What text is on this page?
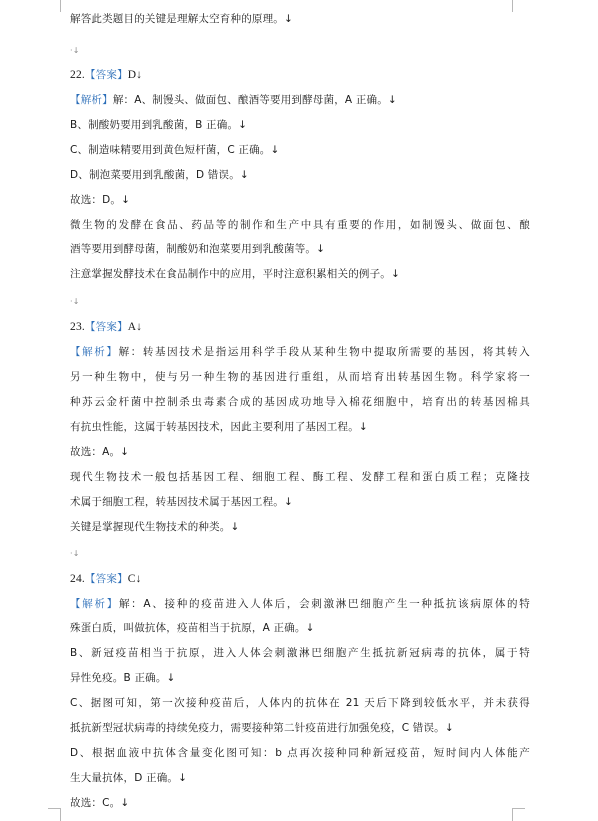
解答此类题目的关键是理解太空育种的原理。↓
·↓
22.【答案】D↓
【解析】解：A、制馒头、做面包、酿酒等要用到酵母菌，A 正确。↓
B、制酸奶要用到乳酸菌，B 正确。↓
C、制造味精要用到黄色短杆菌，C 正确。↓
D、制泡菜要用到乳酸菌，D 错误。↓
故选：D。↓
微生物的发酵在食品、药品等的制作和生产中具有重要的作用，如制馒头、做面包、酿
酒等要用到酵母菌，制酸奶和泡菜要用到乳酸菌等。↓
注意掌握发酵技术在食品制作中的应用，平时注意积累相关的例子。↓
·↓
23.【答案】A↓
【解析】解：转基因技术是指运用科学手段从某种生物中提取所需要的基因，将其转入
另一种生物中，使与另一种生物的基因进行重组，从而培育出转基因生物。科学家将一
种苏云金杆菌中控制杀虫毒素合成的基因成功地导入棉花细胞中，培育出的转基因棉具
有抗虫性能，这属于转基因技术，因此主要利用了基因工程。↓
故选：A。↓
现代生物技术一般包括基因工程、细胞工程、酶工程、发酵工程和蛋白质工程；克隆技
术属于细胞工程，转基因技术属于基因工程。↓
关键是掌握现代生物技术的种类。↓
·↓
24.【答案】C↓
【解析】解：A、接种的疫苗进入人体后，会刺激淋巴细胞产生一种抵抗该病原体的特
殊蛋白质，叫做抗体，疫苗相当于抗原，A 正确。↓
B、新冠疫苗相当于抗原，进入人体会刺激淋巴细胞产生抵抗新冠病毒的抗体，属于特
异性免疫。B 正确。↓
C、据图可知，第一次接种疫苗后，人体内的抗体在 21 天后下降到较低水平，并未获得
抵抗新型冠状病毒的持续免疫力，需要接种第二针疫苗进行加强免疫，C 错误。↓
D、根据血液中抗体含量变化图可知：b 点再次接种同种新冠疫苗，短时间内人体能产
生大量抗体，D 正确。↓
故选：C。↓
